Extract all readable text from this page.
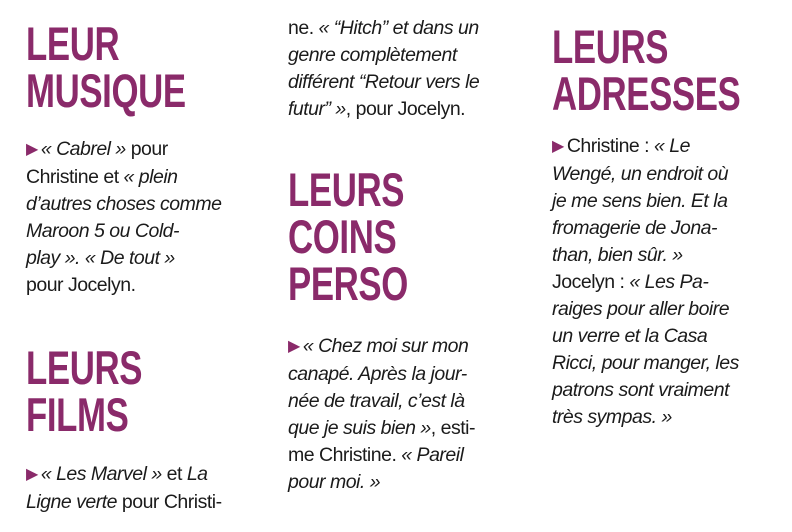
LEUR
MUSIQUE
▶ « Cabrel » pour
Christine et « plein
d’autres choses comme
Maroon 5 ou Cold-
play ». « De tout »
pour Jocelyn.
LEURS
FILMS
▶ « Les Marvel » et La
Ligne verte pour Christi-
ne. « “Hitch” et dans un
genre complètement
différent “Retour vers le
futur” », pour Jocelyn.
LEURS
COINS
PERSO
▶ « Chez moi sur mon
canapé. Après la jour-
née de travail, c’est là
que je suis bien », esti-
me Christine. « Pareil
pour moi. »
LEURS
ADRESSES
▶ Christine : « Le
Wengé, un endroit où
je me sens bien. Et la
fromagerie de Jona-
than, bien sûr. »
Jocelyn : « Les Pa-
raiges pour aller boire
un verre et la Casa
Ricci, pour manger, les
patrons sont vraiment
très sympas. »
